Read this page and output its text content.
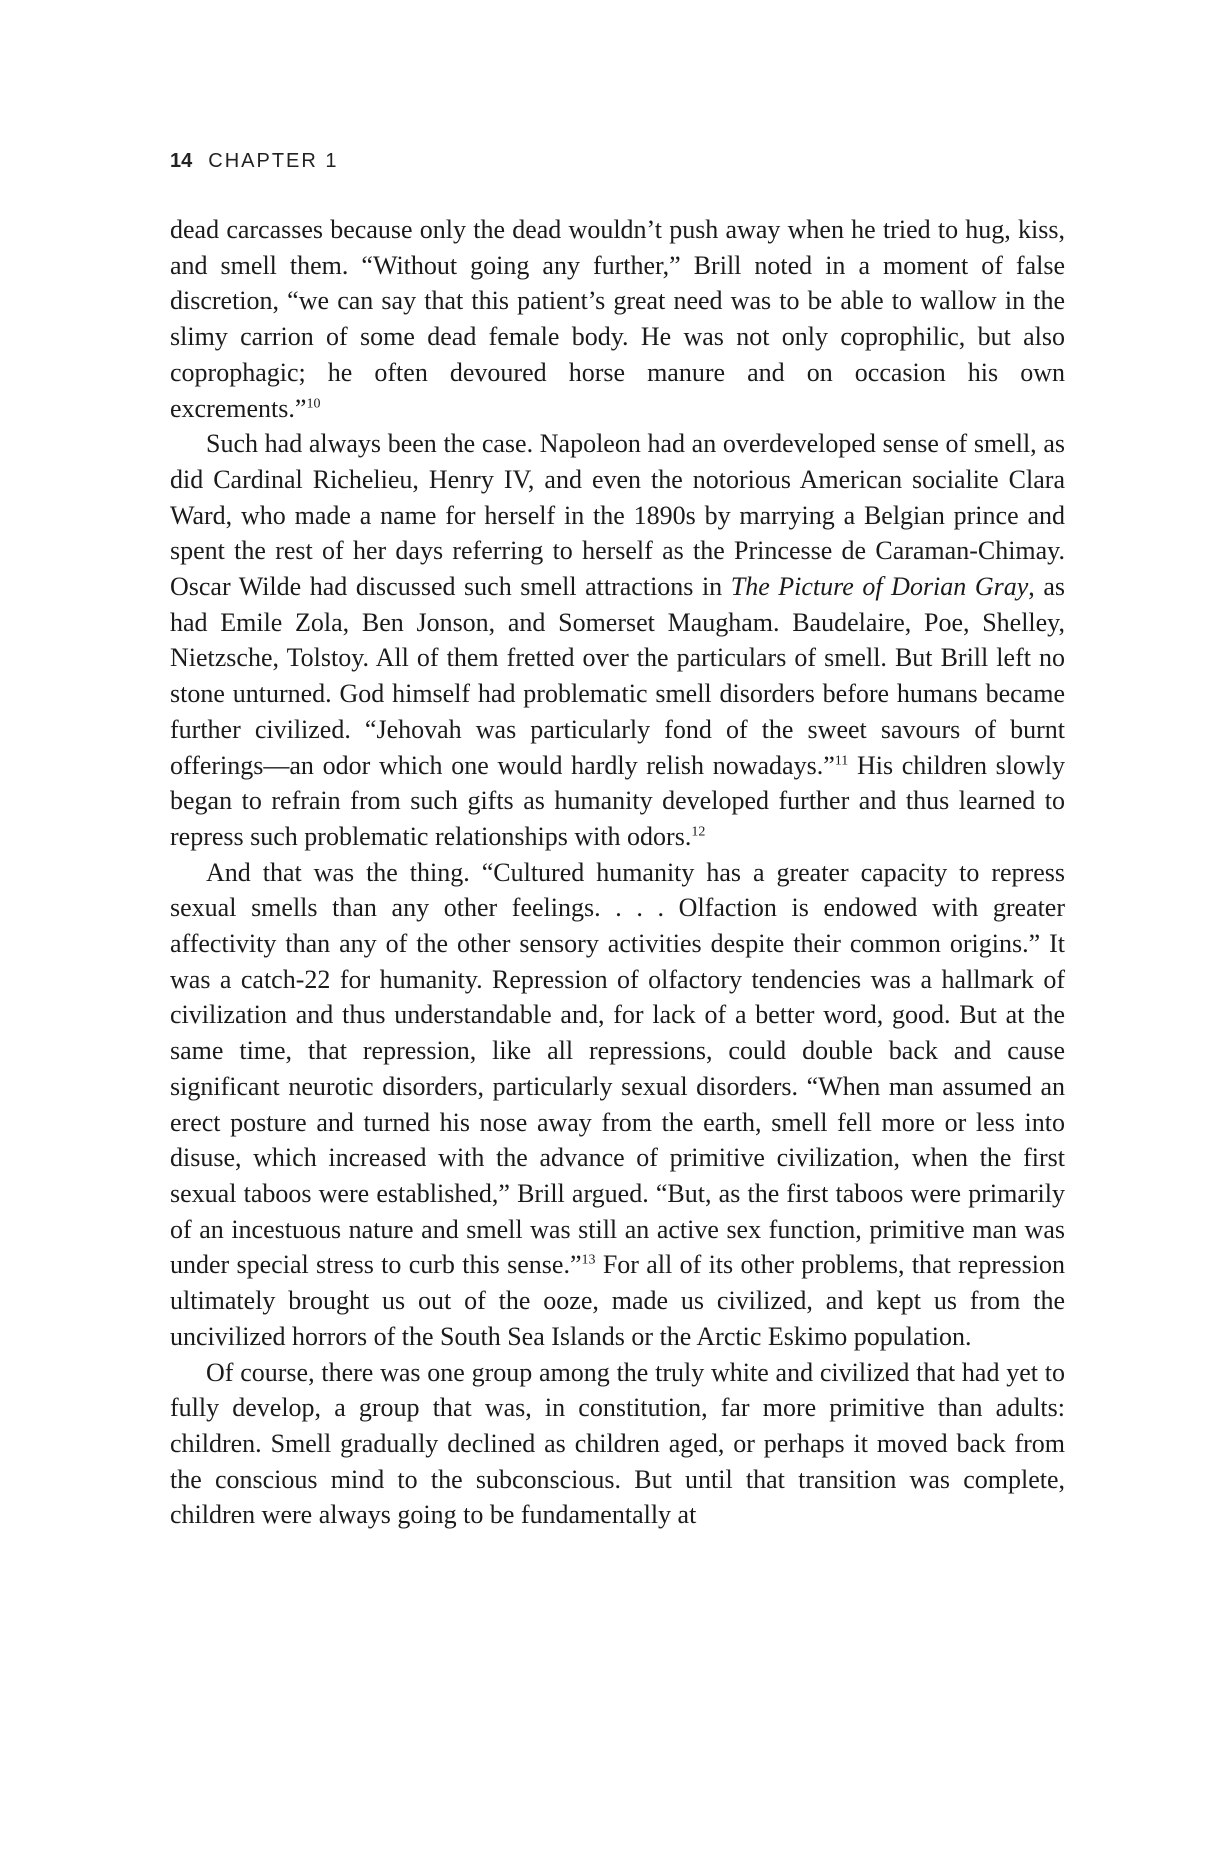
14 CHAPTER 1

dead carcasses because only the dead wouldn’t push away when he tried to hug, kiss, and smell them. “Without going any further,” Brill noted in a moment of false discretion, “we can say that this patient’s great need was to be able to wallow in the slimy carrion of some dead female body. He was not only coprophilic, but also coprophagic; he often devoured horse manure and on occasion his own excrements.”$^{10}$

Such had always been the case. Napoleon had an overdeveloped sense of smell, as did Cardinal Richelieu, Henry IV, and even the notorious American socialite Clara Ward, who made a name for herself in the 1890s by marrying a Belgian prince and spent the rest of her days referring to herself as the Princesse de Caraman-Chimay. Oscar Wilde had discussed such smell attractions in The Picture of Dorian Gray, as had Emile Zola, Ben Jonson, and Somerset Maugham. Baudelaire, Poe, Shelley, Nietzsche, Tolstoy. All of them fretted over the particulars of smell. But Brill left no stone unturned. God himself had problematic smell disorders before humans became further civilized. “Jehovah was particularly fond of the sweet savours of burnt offerings—an odor which one would hardly relish nowadays.”$^{11}$ His children slowly began to refrain from such gifts as humanity developed further and thus learned to repress such problematic relationships with odors.$^{12}$

And that was the thing. “Cultured humanity has a greater capacity to repress sexual smells than any other feelings. . . . Olfaction is endowed with greater affectivity than any of the other sensory activities despite their common origins.” It was a catch-22 for humanity. Repression of olfactory tendencies was a hallmark of civilization and thus understandable and, for lack of a better word, good. But at the same time, that repression, like all repressions, could double back and cause significant neurotic disorders, particularly sexual disorders. “When man assumed an erect posture and turned his nose away from the earth, smell fell more or less into disuse, which increased with the advance of primitive civilization, when the first sexual taboos were established,” Brill argued. “But, as the first taboos were primarily of an incestuous nature and smell was still an active sex function, primitive man was under special stress to curb this sense.”$^{13}$ For all of its other problems, that repression ultimately brought us out of the ooze, made us civilized, and kept us from the uncivilized horrors of the South Sea Islands or the Arctic Eskimo population.

Of course, there was one group among the truly white and civilized that had yet to fully develop, a group that was, in constitution, far more primitive than adults: children. Smell gradually declined as children aged, or perhaps it moved back from the conscious mind to the subconscious. But until that transition was complete, children were always going to be fundamentally at
